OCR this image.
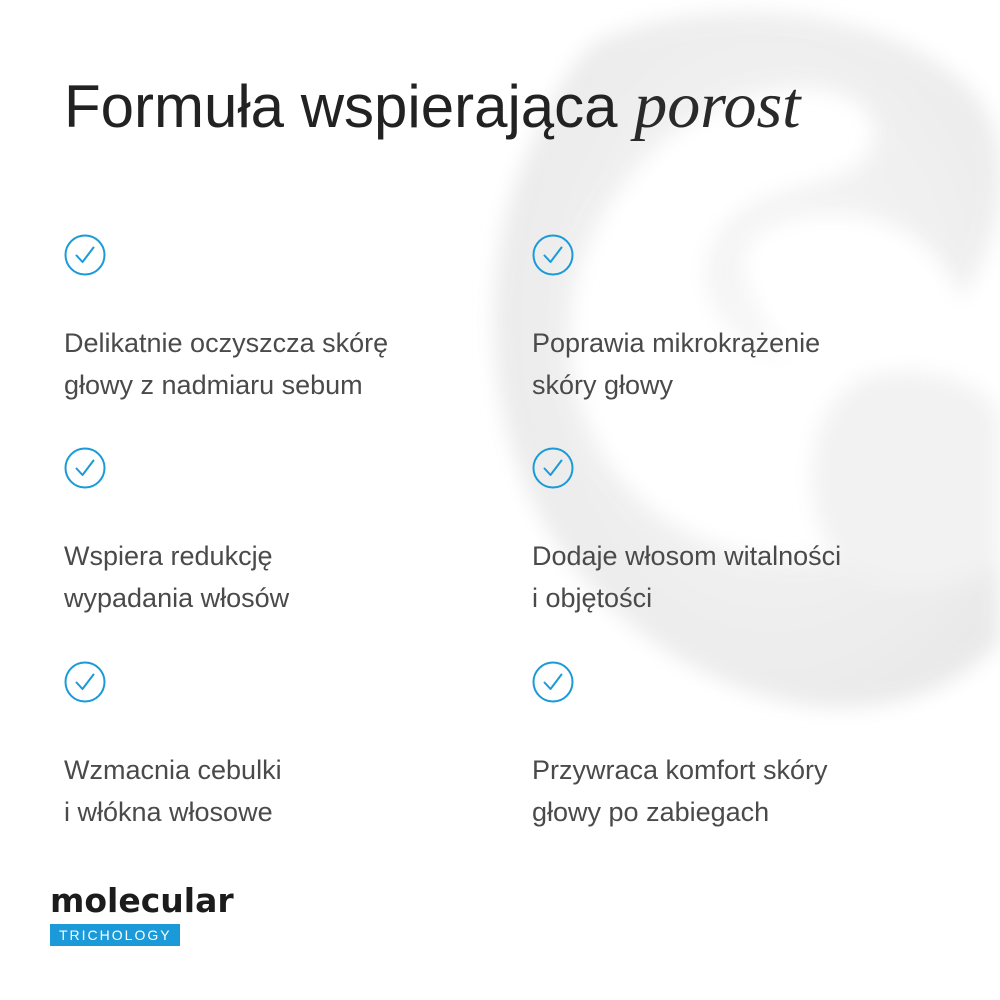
Formuła wspierająca porost
Delikatnie oczyszcza skórę
głowy z nadmiaru sebum
Poprawia mikrokrążenie
skóry głowy
Wspiera redukcję
wypadania włosów
Dodaje włosom witalności
i objętości
Wzmacnia cebulki
i włókna włosowe
Przywraca komfort skóry
głowy po zabiegach
molecular
TRICHOLOGY
